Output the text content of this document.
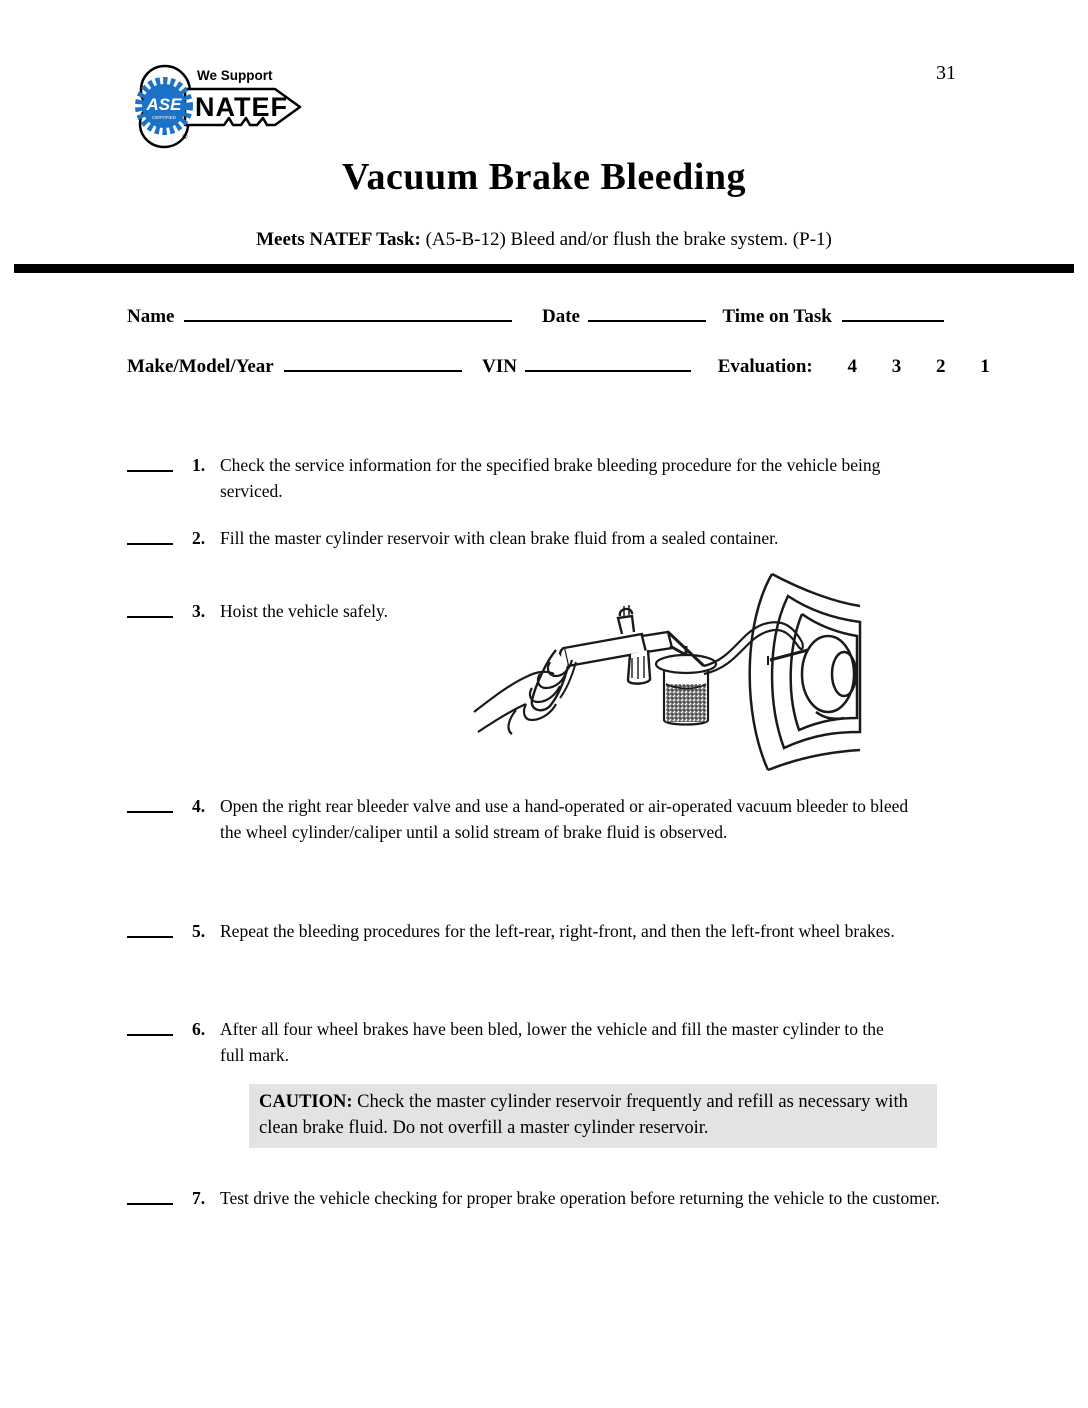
31
ASE
CERTIFIED
®
We Support
NATEF
Vacuum Brake Bleeding
Meets NATEF Task: (A5-B-12) Bleed and/or flush the brake system. (P-1)
Name	Date	Time on Task
Make/Model/Year	VIN	Evaluation: 4 3 2 1
1. Check the service information for the specified brake bleeding procedure for the vehicle being serviced.
2. Fill the master cylinder reservoir with clean brake fluid from a sealed container.
3. Hoist the vehicle safely.
4. Open the right rear bleeder valve and use a hand-operated or air-operated vacuum bleeder to bleed the wheel cylinder/caliper until a solid stream of brake fluid is observed.
5. Repeat the bleeding procedures for the left-rear, right-front, and then the left-front wheel brakes.
6. After all four wheel brakes have been bled, lower the vehicle and fill the master cylinder to the full mark.
CAUTION: Check the master cylinder reservoir frequently and refill as necessary with clean brake fluid. Do not overfill a master cylinder reservoir.
7. Test drive the vehicle checking for proper brake operation before returning the vehicle to the customer.
